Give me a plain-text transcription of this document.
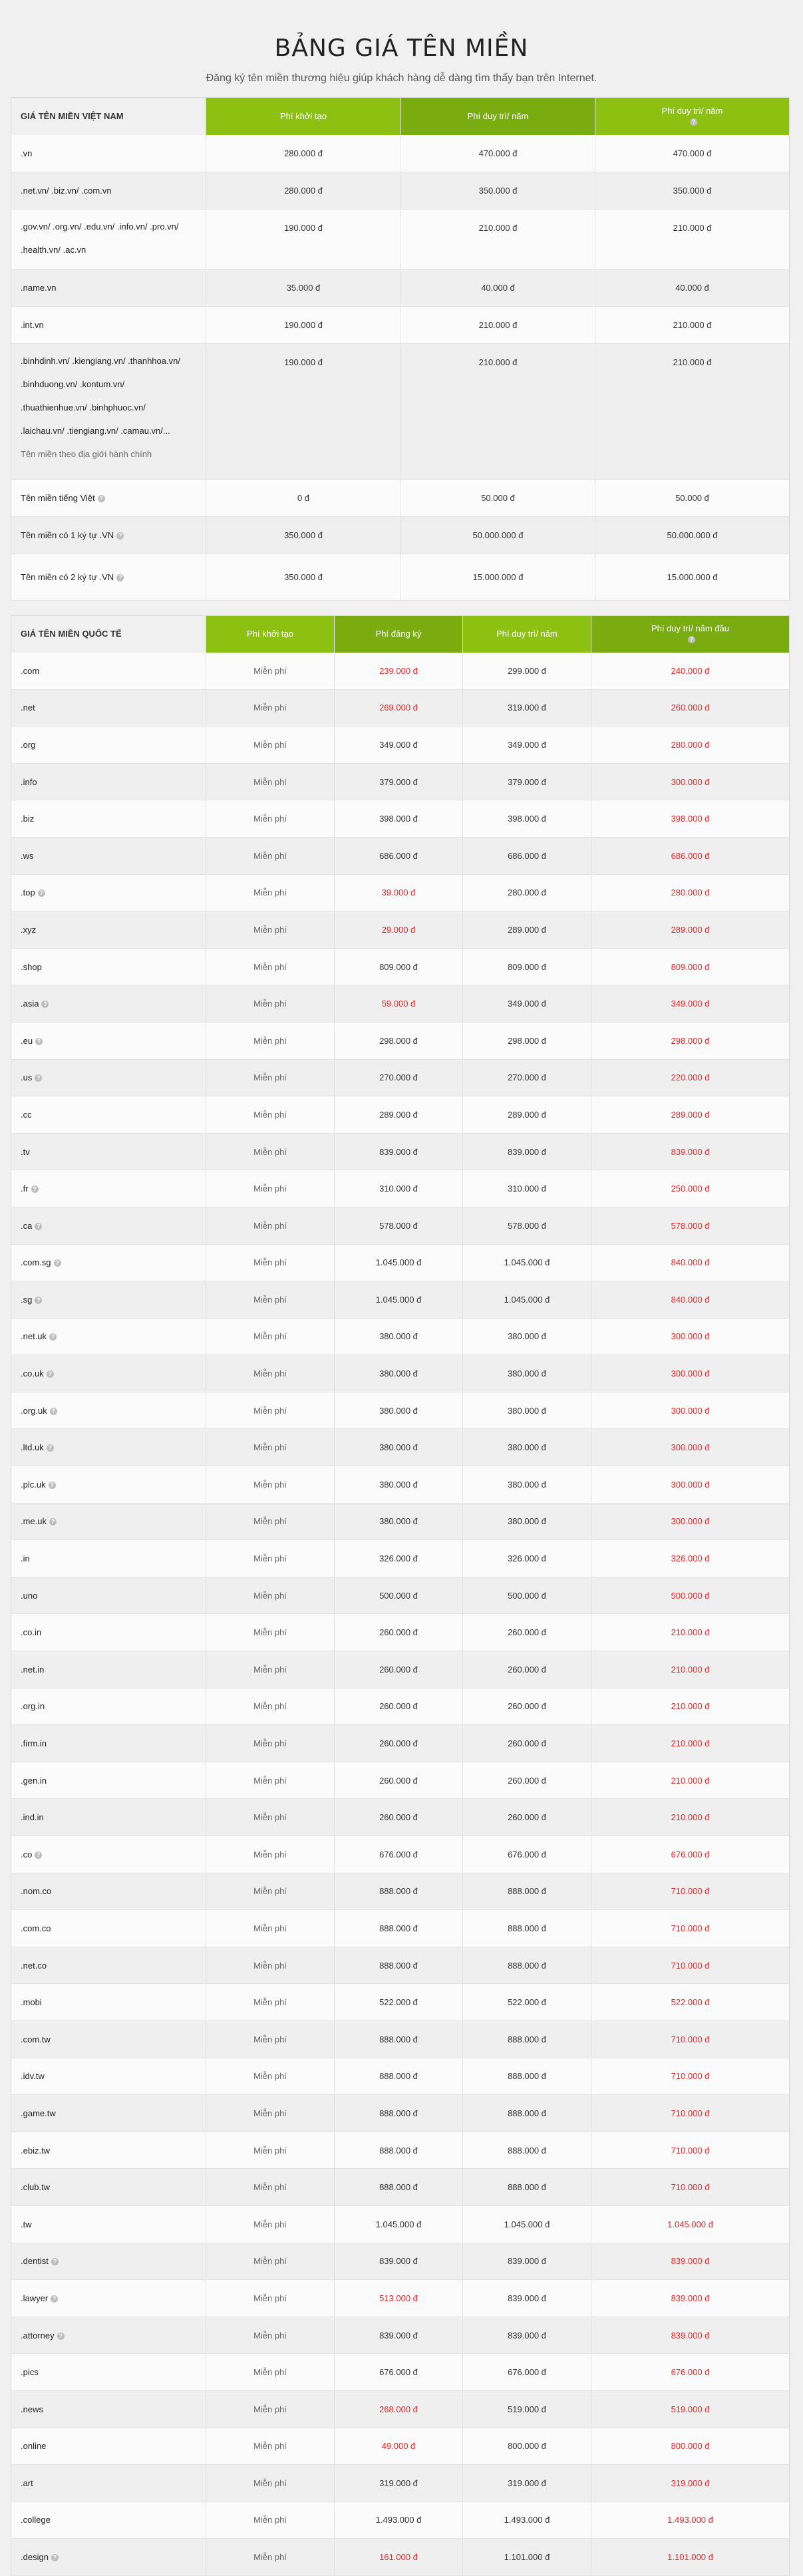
BẢNG GIÁ TÊN MIỀN

Đăng ký tên miền thương hiệu giúp khách hàng dễ dàng tìm thấy bạn trên Internet.

GIÁ TÊN MIỀN VIỆT NAM	Phí khởi tạo	Phí duy trì/ năm	Phí duy trì/ năm
?
.vn	280.000 đ	470.000 đ	470.000 đ
.net.vn/ .biz.vn/ .com.vn	280.000 đ	350.000 đ	350.000 đ

.gov.vn/ .org.vn/ .edu.vn/ .info.vn/ .pro.vn/
.health.vn/ .ac.vn	190.000 đ	210.000 đ	210.000 đ
.name.vn	35.000 đ	40.000 đ	40.000 đ
.int.vn	190.000 đ	210.000 đ	210.000 đ

.binhdinh.vn/ .kiengiang.vn/ .thanhhoa.vn/
.binhduong.vn/ .kontum.vn/
.thuathienhue.vn/ .binhphuoc.vn/
.laichau.vn/ .tiengiang.vn/ .camau.vn/...
Tên miền theo địa giới hành chính	190.000 đ	210.000 đ	210.000 đ
Tên miền tiếng Việt ?	0 đ	50.000 đ	50.000 đ
Tên miền có 1 ký tự .VN ?	350.000 đ	50.000.000 đ	50.000.000 đ
Tên miền có 2 ký tự .VN ?	350.000 đ	15.000.000 đ	15.000.000 đ
GIÁ TÊN MIỀN QUỐC TẾ	Phí khởi tạo	Phí đăng ký	Phí duy trì/ năm	Phí duy trì/ năm đầu
?
.com	Miễn phí	239.000 đ	299.000 đ	240.000 đ
.net	Miễn phí	269.000 đ	319.000 đ	260.000 đ
.org	Miễn phí	349.000 đ	349.000 đ	280.000 đ
.info	Miễn phí	379.000 đ	379.000 đ	300.000 đ
.biz	Miễn phí	398.000 đ	398.000 đ	398.000 đ
.ws	Miễn phí	686.000 đ	686.000 đ	686.000 đ
.top ?	Miễn phí	39.000 đ	280.000 đ	280.000 đ
.xyz	Miễn phí	29.000 đ	289.000 đ	289.000 đ
.shop	Miễn phí	809.000 đ	809.000 đ	809.000 đ
.asia ?	Miễn phí	59.000 đ	349.000 đ	349.000 đ
.eu ?	Miễn phí	298.000 đ	298.000 đ	298.000 đ
.us ?	Miễn phí	270.000 đ	270.000 đ	220.000 đ
.cc	Miễn phí	289.000 đ	289.000 đ	289.000 đ
.tv	Miễn phí	839.000 đ	839.000 đ	839.000 đ
.fr ?	Miễn phí	310.000 đ	310.000 đ	250.000 đ
.ca ?	Miễn phí	578.000 đ	578.000 đ	578.000 đ
.com.sg ?	Miễn phí	1.045.000 đ	1.045.000 đ	840.000 đ
.sg ?	Miễn phí	1.045.000 đ	1.045.000 đ	840.000 đ
.net.uk ?	Miễn phí	380.000 đ	380.000 đ	300.000 đ
.co.uk ?	Miễn phí	380.000 đ	380.000 đ	300.000 đ
.org.uk ?	Miễn phí	380.000 đ	380.000 đ	300.000 đ
.ltd.uk ?	Miễn phí	380.000 đ	380.000 đ	300.000 đ
.plc.uk ?	Miễn phí	380.000 đ	380.000 đ	300.000 đ
.me.uk ?	Miễn phí	380.000 đ	380.000 đ	300.000 đ
.in	Miễn phí	326.000 đ	326.000 đ	326.000 đ
.uno	Miễn phí	500.000 đ	500.000 đ	500.000 đ
.co.in	Miễn phí	260.000 đ	260.000 đ	210.000 đ
.net.in	Miễn phí	260.000 đ	260.000 đ	210.000 đ
.org.in	Miễn phí	260.000 đ	260.000 đ	210.000 đ
.firm.in	Miễn phí	260.000 đ	260.000 đ	210.000 đ
.gen.in	Miễn phí	260.000 đ	260.000 đ	210.000 đ
.ind.in	Miễn phí	260.000 đ	260.000 đ	210.000 đ
.co ?	Miễn phí	676.000 đ	676.000 đ	676.000 đ
.nom.co	Miễn phí	888.000 đ	888.000 đ	710.000 đ
.com.co	Miễn phí	888.000 đ	888.000 đ	710.000 đ
.net.co	Miễn phí	888.000 đ	888.000 đ	710.000 đ
.mobi	Miễn phí	522.000 đ	522.000 đ	522.000 đ
.com.tw	Miễn phí	888.000 đ	888.000 đ	710.000 đ
.idv.tw	Miễn phí	888.000 đ	888.000 đ	710.000 đ
.game.tw	Miễn phí	888.000 đ	888.000 đ	710.000 đ
.ebiz.tw	Miễn phí	888.000 đ	888.000 đ	710.000 đ
.club.tw	Miễn phí	888.000 đ	888.000 đ	710.000 đ
.tw	Miễn phí	1.045.000 đ	1.045.000 đ	1.045.000 đ
.dentist ?	Miễn phí	839.000 đ	839.000 đ	839.000 đ
.lawyer ?	Miễn phí	513.000 đ	839.000 đ	839.000 đ
.attorney ?	Miễn phí	839.000 đ	839.000 đ	839.000 đ
.pics	Miễn phí	676.000 đ	676.000 đ	676.000 đ
.news	Miễn phí	268.000 đ	519.000 đ	519.000 đ
.online	Miễn phí	49.000 đ	800.000 đ	800.000 đ
.art	Miễn phí	319.000 đ	319.000 đ	319.000 đ
.college	Miễn phí	1.493.000 đ	1.493.000 đ	1.493.000 đ
.design ?	Miễn phí	161.000 đ	1.101.000 đ	1.101.000 đ
